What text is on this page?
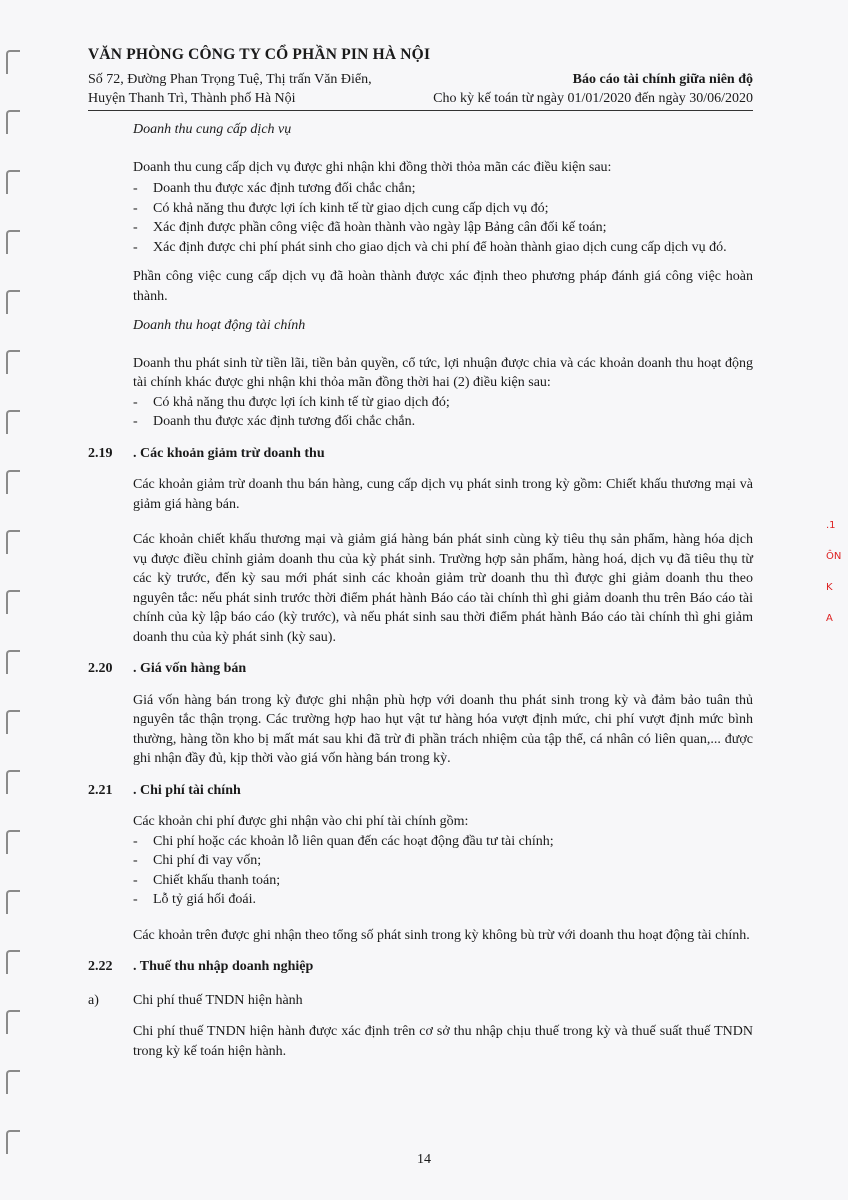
VĂN PHÒNG CÔNG TY CỔ PHẦN PIN HÀ NỘI
Số 72, Đường Phan Trọng Tuệ, Thị trấn Văn Điển,	Báo cáo tài chính giữa niên độ
Huyện Thanh Trì, Thành phố Hà Nội	Cho kỳ kế toán từ ngày 01/01/2020 đến ngày 30/06/2020
Doanh thu cung cấp dịch vụ
Doanh thu cung cấp dịch vụ được ghi nhận khi đồng thời thỏa mãn các điều kiện sau:
- Doanh thu được xác định tương đối chắc chắn;
- Có khả năng thu được lợi ích kinh tế từ giao dịch cung cấp dịch vụ đó;
- Xác định được phần công việc đã hoàn thành vào ngày lập Bảng cân đối kế toán;
- Xác định được chi phí phát sinh cho giao dịch và chi phí để hoàn thành giao dịch cung cấp dịch vụ đó.
Phần công việc cung cấp dịch vụ đã hoàn thành được xác định theo phương pháp đánh giá công việc hoàn thành.
Doanh thu hoạt động tài chính
Doanh thu phát sinh từ tiền lãi, tiền bản quyền, cổ tức, lợi nhuận được chia và các khoản doanh thu hoạt động tài chính khác được ghi nhận khi thỏa mãn đồng thời hai (2) điều kiện sau:
- Có khả năng thu được lợi ích kinh tế từ giao dịch đó;
- Doanh thu được xác định tương đối chắc chắn.
2.19	. Các khoản giảm trừ doanh thu
Các khoản giảm trừ doanh thu bán hàng, cung cấp dịch vụ phát sinh trong kỳ gồm: Chiết khấu thương mại và giảm giá hàng bán.
Các khoản chiết khấu thương mại và giảm giá hàng bán phát sinh cùng kỳ tiêu thụ sản phẩm, hàng hóa dịch vụ được điều chỉnh giảm doanh thu của kỳ phát sinh. Trường hợp sản phẩm, hàng hoá, dịch vụ đã tiêu thụ từ các kỳ trước, đến kỳ sau mới phát sinh các khoản giảm trừ doanh thu thì được ghi giảm doanh thu theo nguyên tắc: nếu phát sinh trước thời điểm phát hành Báo cáo tài chính thì ghi giảm doanh thu trên Báo cáo tài chính của kỳ lập báo cáo (kỳ trước), và nếu phát sinh sau thời điểm phát hành Báo cáo tài chính thì ghi giảm doanh thu của kỳ phát sinh (kỳ sau).
2.20	. Giá vốn hàng bán
Giá vốn hàng bán trong kỳ được ghi nhận phù hợp với doanh thu phát sinh trong kỳ và đảm bảo tuân thủ nguyên tắc thận trọng. Các trường hợp hao hụt vật tư hàng hóa vượt định mức, chi phí vượt định mức bình thường, hàng tồn kho bị mất mát sau khi đã trừ đi phần trách nhiệm của tập thể, cá nhân có liên quan,... được ghi nhận đầy đủ, kịp thời vào giá vốn hàng bán trong kỳ.
2.21	. Chi phí tài chính
Các khoản chi phí được ghi nhận vào chi phí tài chính gồm:
- Chi phí hoặc các khoản lỗ liên quan đến các hoạt động đầu tư tài chính;
- Chi phí đi vay vốn;
- Chiết khấu thanh toán;
- Lỗ tỷ giá hối đoái.
Các khoản trên được ghi nhận theo tổng số phát sinh trong kỳ không bù trừ với doanh thu hoạt động tài chính.
2.22	. Thuế thu nhập doanh nghiệp
a)	Chi phí thuế TNDN hiện hành
Chi phí thuế TNDN hiện hành được xác định trên cơ sở thu nhập chịu thuế trong kỳ và thuế suất thuế TNDN trong kỳ kế toán hiện hành.
.1
ÔN
K
A
14
